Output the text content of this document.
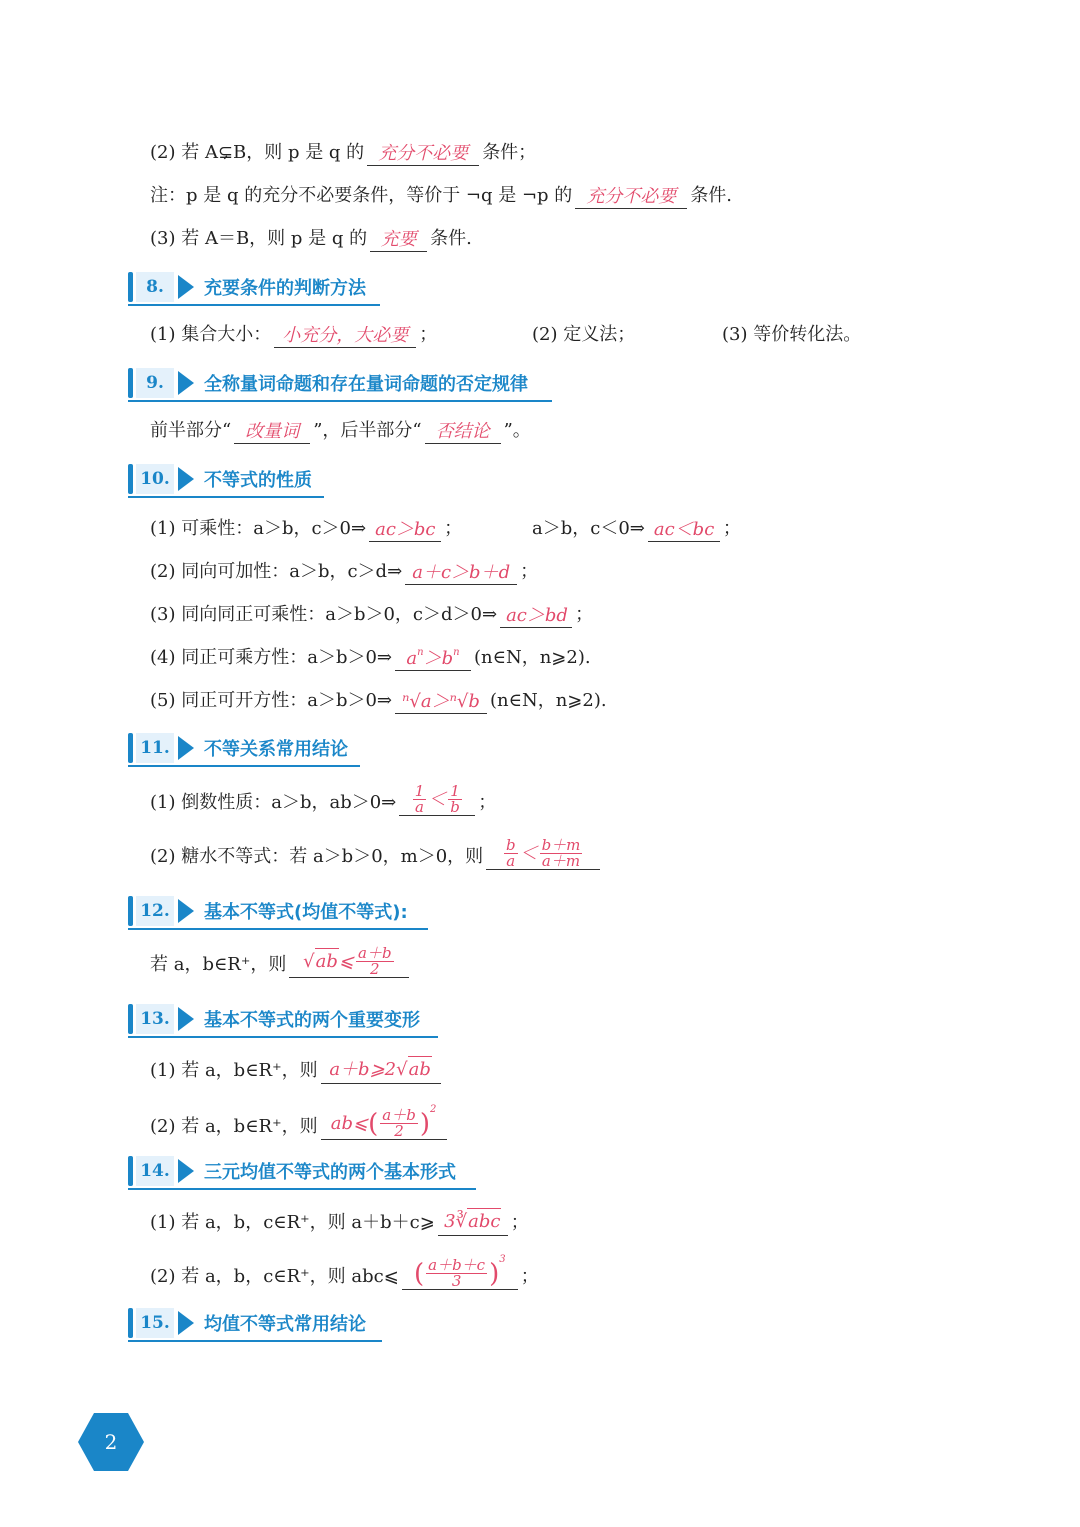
(2) 若 A⊊B，则 p 是 q 的 充分不必要 条件；
注：p 是 q 的充分不必要条件，等价于 ¬q 是 ¬p 的 充分不必要 条件.
(3) 若 A＝B，则 p 是 q 的 充要 条件.
8.	充要条件的判断方法
(1) 集合大小： 小充分，大必要 ；	(2) 定义法；	(3) 等价转化法。
9.	全称量词命题和存在量词命题的否定规律
前半部分“ 改量词 ”，后半部分“ 否结论 ”。
10. 不等式的性质
(1) 可乘性：a＞b，c＞0⇒ ac＞bc ；	a＞b，c＜0⇒ ac＜bc ；
(2) 同向可加性：a＞b，c＞d⇒ a＋c＞b＋d ；
(3) 同向同正可乘性：a＞b＞0，c＞d＞0⇒ ac＞bd ；
(4) 同正可乘方性：a＞b＞0⇒ $a^n>b^n$ (n∈N，n⩾2).
(5) 同正可开方性：a＞b＞0⇒ ⁿ√a＞ⁿ√b (n∈N，n⩾2).
11. 不等关系常用结论
(1) 倒数性质：a＞b，ab＞0⇒ $\frac{1}{a} < \frac{1}{b}$ ；
(2) 糖水不等式：若 a＞b＞0，m＞0，则 $\frac{b}{a} < \frac{b+m}{a+m}$
12. 基本不等式(均值不等式):
若 a，b∈R⁺，则 √ ab ⩽ $\frac{a+b}{2}$
13. 基本不等式的两个重要变形
(1) 若 a，b∈R⁺，则 a＋b⩾2 √ ab
(2) 若 a，b∈R⁺，则 ab⩽ ( $\frac{a+b}{2}$ ) 2
14. 三元均值不等式的两个基本形式
(1) 若 a，b，c∈R⁺，则 a＋b＋c⩾ 3∛ abc ；
(2) 若 a，b，c∈R⁺，则 abc⩽ ( $\frac{a+b+c}{3}$ ) 3
；
15. 均值不等式常用结论
2
